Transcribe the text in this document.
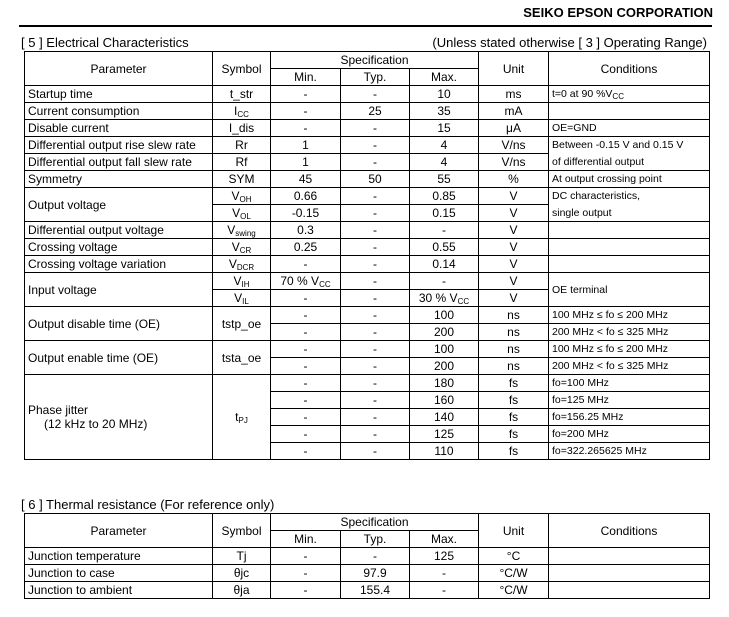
SEIKO EPSON CORPORATION
[ 5 ] Electrical Characteristics	(Unless stated otherwise [ 3 ] Operating Range)
Parameter	Symbol	Specification			Unit	Conditions
		Min.	Typ.	Max.		
Startup time	t_str	-	-	10	ms	t=0 at 90 $\%V_{CC}$
Current consumption	$I_{CC}$	-	25	35	mA	
Disable current	I_dis	-	-	15	μA	OE=GND
Differential output rise slew rate	Rr	1	-	4	V/ns	Between -0.15 V and 0.15 V
Differential output fall slew rate	Rf	1	-	4	V/ns	of differential output
Symmetry	SYM	45	50	55	%	At output crossing point
Output voltage	$V_{OH}$	0.66	-	0.85	V	DC characteristics,
	$V_{OL}$	-0.15	-	0.15	V	single output
Differential output voltage	$V_{swing}$	0.3	-	-	V	
Crossing voltage	$V_{CR}$	0.25	-	0.55	V	
Crossing voltage variation	$V_{DCR}$	-	-	0.14	V	
Input voltage	$V_{IH}$	70 % $V_{CC}$	-	-	V	OE terminal
	$V_{IL}$	-	-	30 % $V_{CC}$	V	
Output disable time (OE)	tstp_oe	-	-	100	ns	100 MHz ≤ fo ≤ 200 MHz
		-	-	200	ns	200 MHz < fo ≤ 325 MHz
Output enable time (OE)	tsta_oe	-	-	100	ns	100 MHz ≤ fo ≤ 200 MHz
		-	-	200	ns	200 MHz < fo ≤ 325 MHz

Phase jitter
(12 kHz to 20 MHz)	$t_{PJ}$	-	-	180	fs	fo=100 MHz
		-	-	160	fs	fo=125 MHz
		-	-	140	fs	fo=156.25 MHz
		-	-	125	fs	fo=200 MHz
		-	-	110	fs	fo=322.265625 MHz
[ 6 ] Thermal resistance (For reference only)
Parameter	Symbol	Specification			Unit	Conditions
		Min.	Typ.	Max.		
Junction temperature	Tj	-	-	125	°C	
Junction to case	θjc	-	97.9	-	°C/W	
Junction to ambient	θja	-	155.4	-	°C/W	
